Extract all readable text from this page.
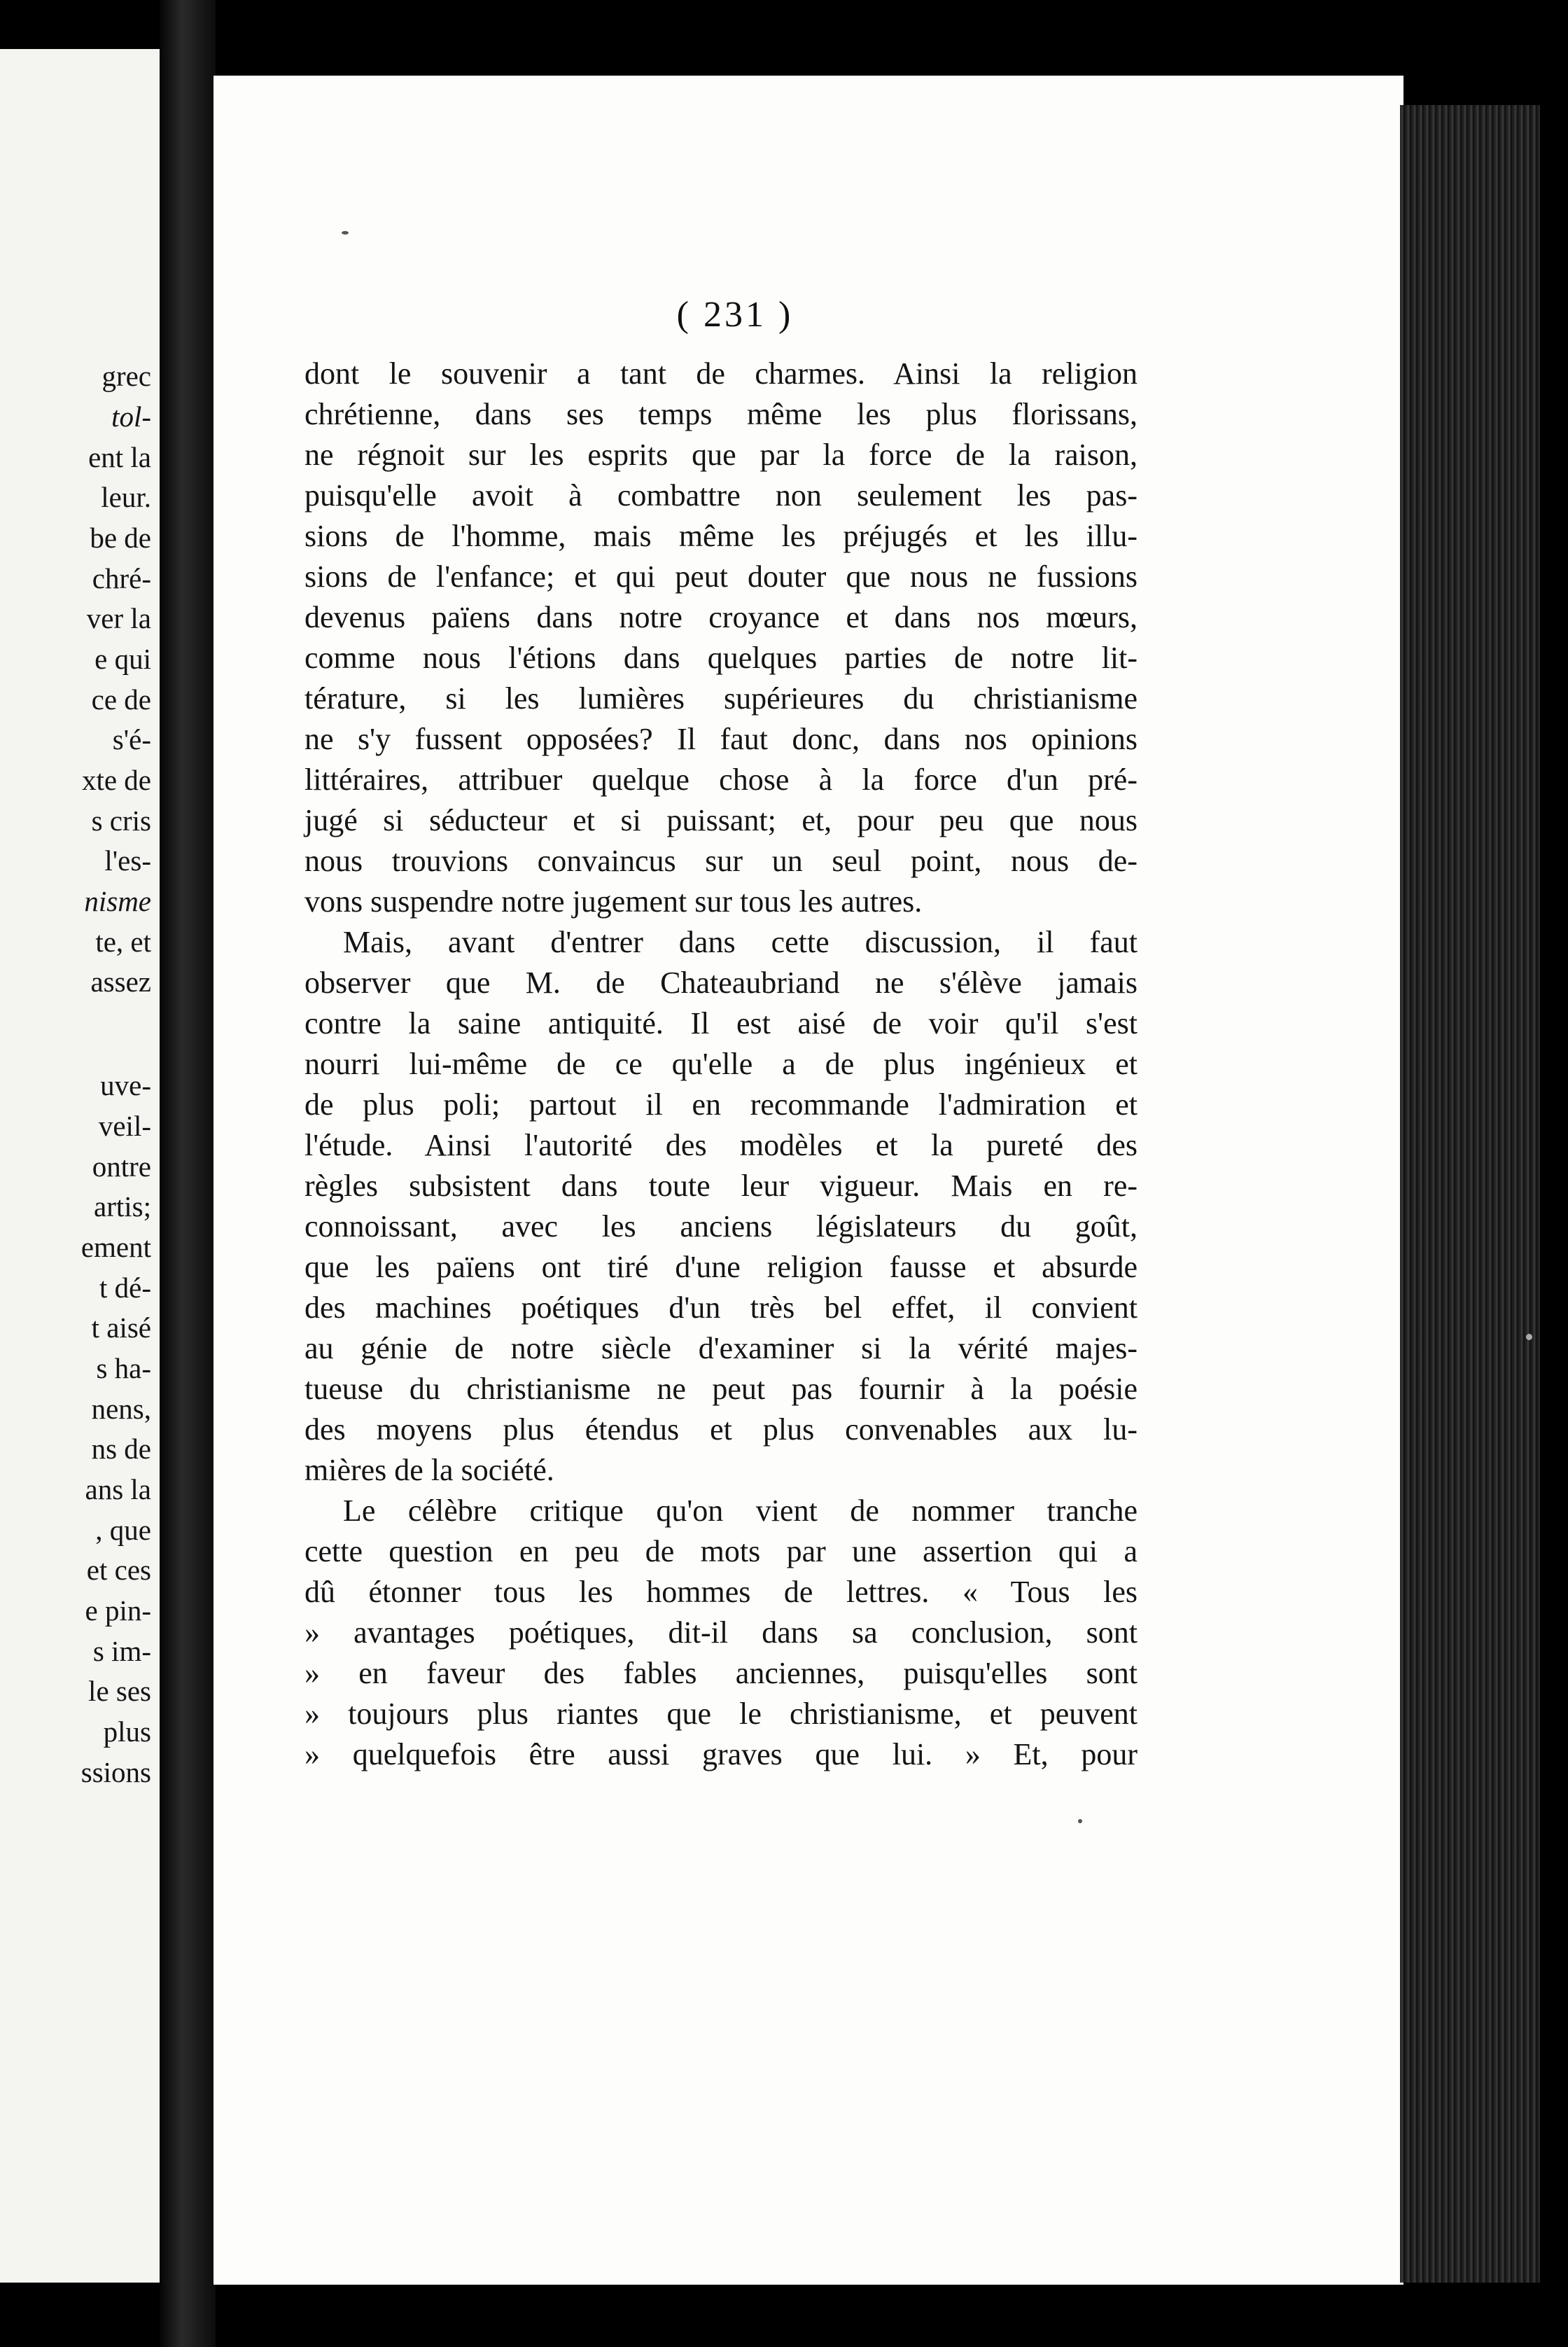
grec
tol-
ent la
leur.
be de
chré-
ver la
e qui
ce de
s'é-
xte de
s cris
l'es-
nisme
te, et
assez
uve-
veil-
ontre
artis;
ement
t dé-
t aisé
s ha-
nens,
ns de
ans la
, que
et ces
e pin-
s im-
le ses
plus
ssions
( 231 )
dont le souvenir a tant de charmes. Ainsi la religion
chrétienne, dans ses temps même les plus florissans,
ne régnoit sur les esprits que par la force de la raison,
puisqu'elle avoit à combattre non seulement les pas-
sions de l'homme, mais même les préjugés et les illu-
sions de l'enfance; et qui peut douter que nous ne fussions
devenus païens dans notre croyance et dans nos mœurs,
comme nous l'étions dans quelques parties de notre lit-
térature, si les lumières supérieures du christianisme
ne s'y fussent opposées? Il faut donc, dans nos opinions
littéraires, attribuer quelque chose à la force d'un pré-
jugé si séducteur et si puissant; et, pour peu que nous
nous trouvions convaincus sur un seul point, nous de-
vons suspendre notre jugement sur tous les autres.
Mais, avant d'entrer dans cette discussion, il faut
observer que M. de Chateaubriand ne s'élève jamais
contre la saine antiquité. Il est aisé de voir qu'il s'est
nourri lui-même de ce qu'elle a de plus ingénieux et
de plus poli; partout il en recommande l'admiration et
l'étude. Ainsi l'autorité des modèles et la pureté des
règles subsistent dans toute leur vigueur. Mais en re-
connoissant, avec les anciens législateurs du goût,
que les païens ont tiré d'une religion fausse et absurde
des machines poétiques d'un très bel effet, il convient
au génie de notre siècle d'examiner si la vérité majes-
tueuse du christianisme ne peut pas fournir à la poésie
des moyens plus étendus et plus convenables aux lu-
mières de la société.
Le célèbre critique qu'on vient de nommer tranche
cette question en peu de mots par une assertion qui a
dû étonner tous les hommes de lettres. « Tous les
» avantages poétiques, dit-il dans sa conclusion, sont
» en faveur des fables anciennes, puisqu'elles sont
» toujours plus riantes que le christianisme, et peuvent
» quelquefois être aussi graves que lui. » Et, pour
